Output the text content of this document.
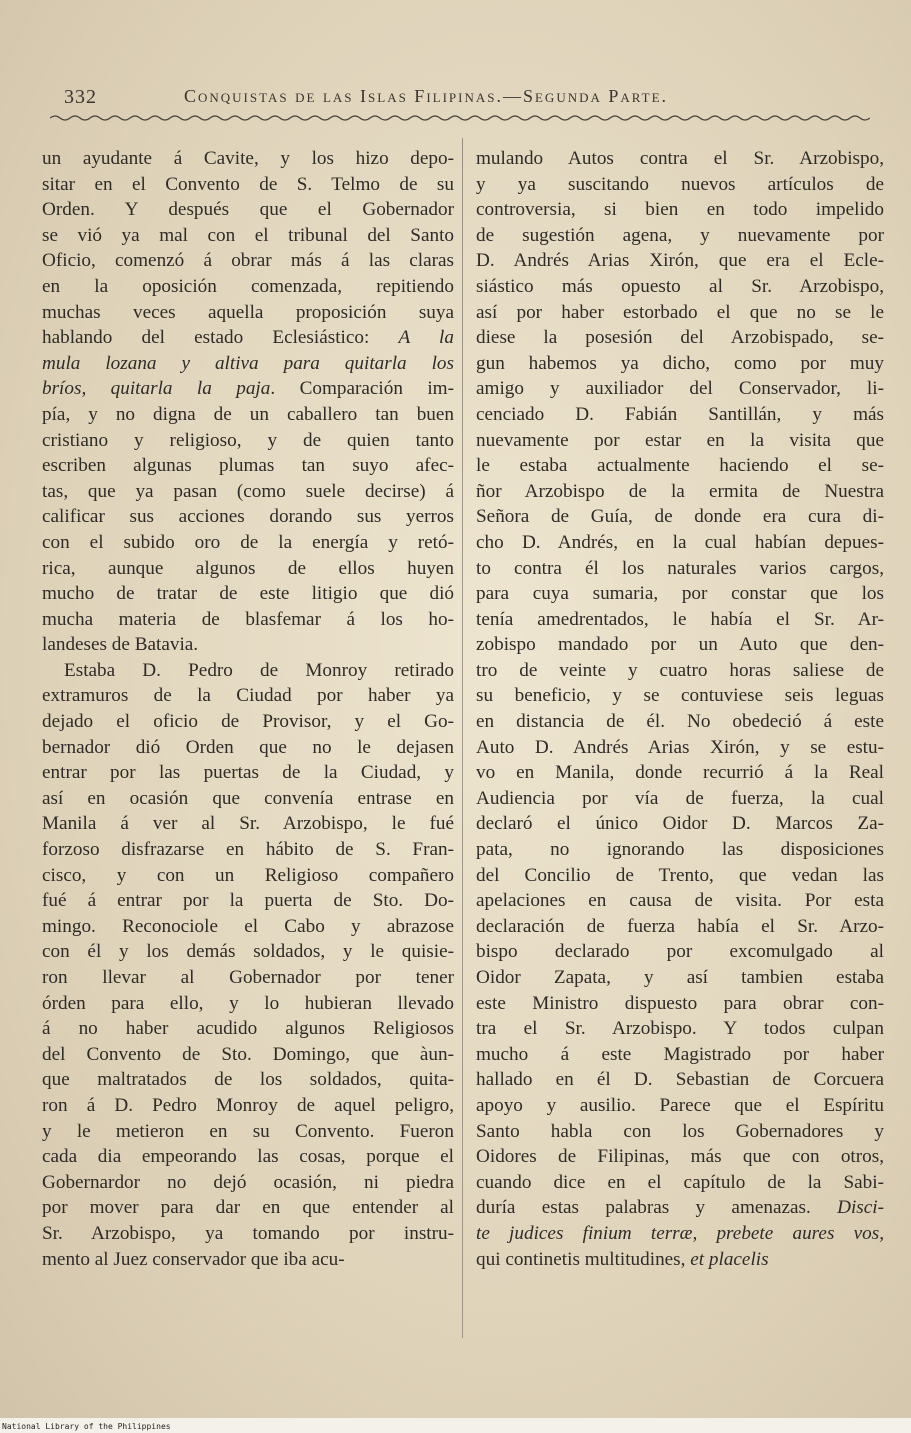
332	Conquistas de las Islas Filipinas.—Segunda Parte.
un ayudante á Cavite, y los hizo depo-
sitar en el Convento de S. Telmo de su
Orden. Y después que el Gobernador
se vió ya mal con el tribunal del Santo
Oficio, comenzó á obrar más á las claras
en la oposición comenzada, repitiendo
muchas veces aquella proposición suya
hablando del estado Eclesiástico: A la
mula lozana y altiva para quitarla los
bríos, quitarla la paja. Comparación im-
pía, y no digna de un caballero tan buen
cristiano y religioso, y de quien tanto
escriben algunas plumas tan suyo afec-
tas, que ya pasan (como suele decirse) á
calificar sus acciones dorando sus yerros
con el subido oro de la energía y retó-
rica, aunque algunos de ellos huyen
mucho de tratar de este litigio que dió
mucha materia de blasfemar á los ho-
landeses de Batavia.
Estaba D. Pedro de Monroy retirado
extramuros de la Ciudad por haber ya
dejado el oficio de Provisor, y el Go-
bernador dió Orden que no le dejasen
entrar por las puertas de la Ciudad, y
así en ocasión que convenía entrase en
Manila á ver al Sr. Arzobispo, le fué
forzoso disfrazarse en hábito de S. Fran-
cisco, y con un Religioso compañero
fué á entrar por la puerta de Sto. Do-
mingo. Reconociole el Cabo y abrazose
con él y los demás soldados, y le quisie-
ron llevar al Gobernador por tener
órden para ello, y lo hubieran llevado
á no haber acudido algunos Religiosos
del Convento de Sto. Domingo, que àun-
que maltratados de los soldados, quita-
ron á D. Pedro Monroy de aquel peligro,
y le metieron en su Convento. Fueron
cada dia empeorando las cosas, porque el
Gobernardor no dejó ocasión, ni piedra
por mover para dar en que entender al
Sr. Arzobispo, ya tomando por instru-
mento al Juez conservador que iba acu-
mulando Autos contra el Sr. Arzobispo,
y ya suscitando nuevos artículos de
controversia, si bien en todo impelido
de sugestión agena, y nuevamente por
D. Andrés Arias Xirón, que era el Ecle-
siástico más opuesto al Sr. Arzobispo,
así por haber estorbado el que no se le
diese la posesión del Arzobispado, se-
gun habemos ya dicho, como por muy
amigo y auxiliador del Conservador, li-
cenciado D. Fabián Santillán, y más
nuevamente por estar en la visita que
le estaba actualmente haciendo el se-
ñor Arzobispo de la ermita de Nuestra
Señora de Guía, de donde era cura di-
cho D. Andrés, en la cual habían depues-
to contra él los naturales varios cargos,
para cuya sumaria, por constar que los
tenía amedrentados, le había el Sr. Ar-
zobispo mandado por un Auto que den-
tro de veinte y cuatro horas saliese de
su beneficio, y se contuviese seis leguas
en distancia de él. No obedeció á este
Auto D. Andrés Arias Xirón, y se estu-
vo en Manila, donde recurrió á la Real
Audiencia por vía de fuerza, la cual
declaró el único Oidor D. Marcos Za-
pata, no ignorando las disposiciones
del Concilio de Trento, que vedan las
apelaciones en causa de visita. Por esta
declaración de fuerza había el Sr. Arzo-
bispo declarado por excomulgado al
Oidor Zapata, y así tambien estaba
este Ministro dispuesto para obrar con-
tra el Sr. Arzobispo. Y todos culpan
mucho á este Magistrado por haber
hallado en él D. Sebastian de Corcuera
apoyo y ausilio. Parece que el Espíritu
Santo habla con los Gobernadores y
Oidores de Filipinas, más que con otros,
cuando dice en el capítulo de la Sabi-
duría estas palabras y amenazas. Disci-
te judices finium terræ, prebete aures vos,
qui continetis multitudines, et placelis
National Library of the Philippines
